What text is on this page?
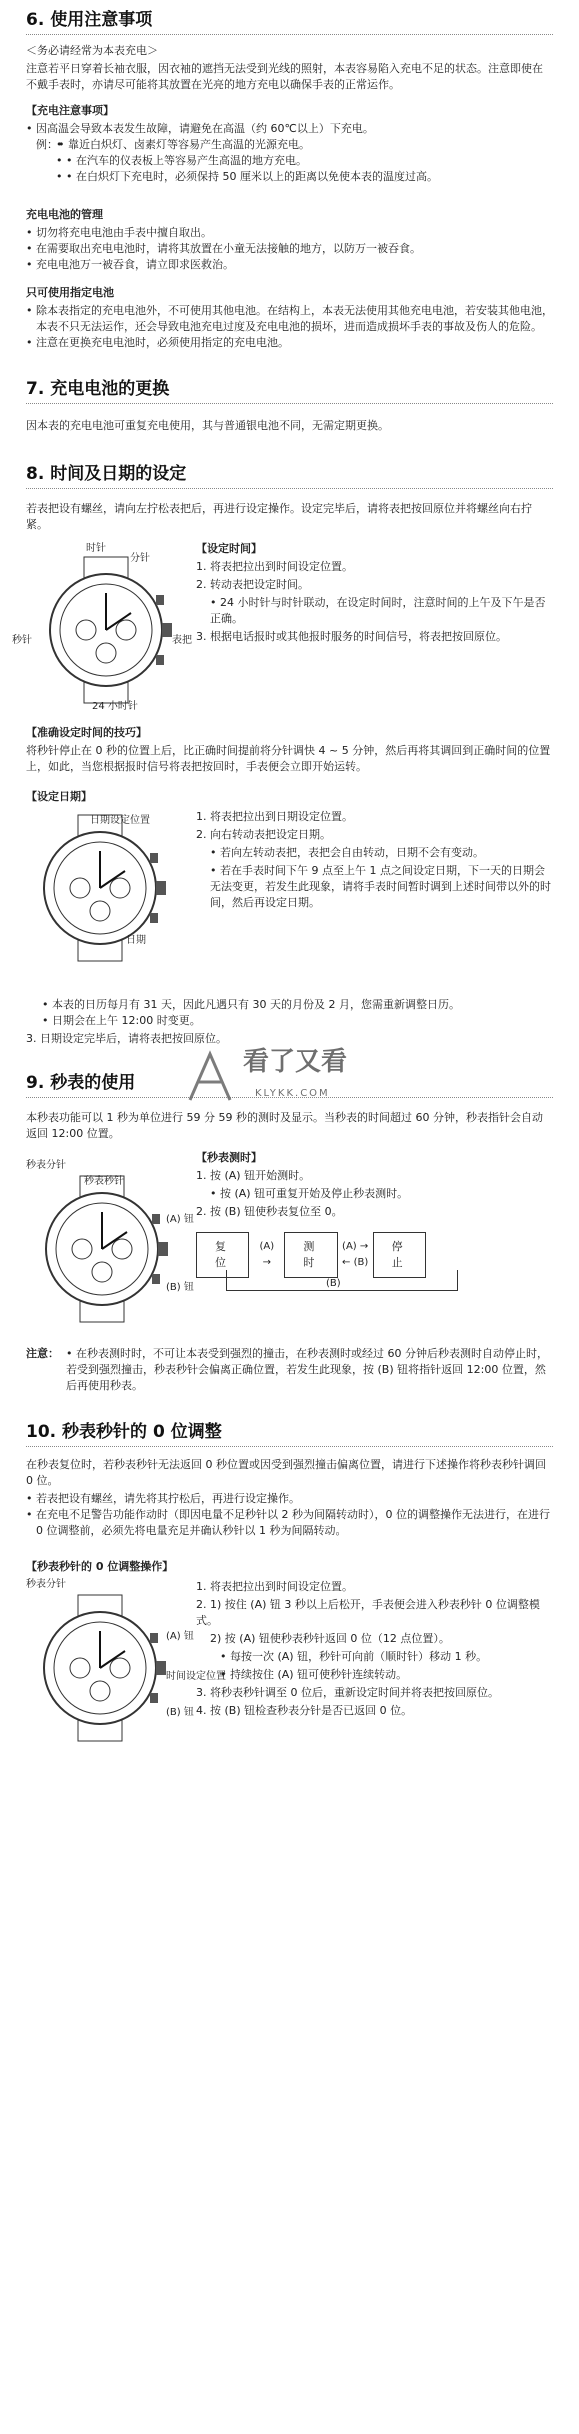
6. 使用注意事项

＜务必请经常为本表充电＞

注意若平日穿着长袖衣服，因衣袖的遮挡无法受到光线的照射，本表容易陷入充电不足的状态。注意即使在不戴手表时，亦请尽可能将其放置在光亮的地方充电以确保手表的正常运作。

【充电注意事项】

• 因高温会导致本表发生故障，请避免在高温（约 60℃以上）下充电。
• 例：• 靠近白炽灯、卤素灯等容易产生高温的光源充电。
• • 在汽车的仪表板上等容易产生高温的地方充电。
• • 在白炽灯下充电时，必须保持 50 厘米以上的距离以免使本表的温度过高。

充电电池的管理

• 切勿将充电电池由手表中擅自取出。
• 在需要取出充电电池时，请将其放置在小童无法接触的地方，以防万一被吞食。
• 充电电池万一被吞食，请立即求医救治。

只可使用指定电池

• 除本表指定的充电电池外，不可使用其他电池。在结构上，本表无法使用其他充电电池，若安装其他电池，本表不只无法运作，还会导致电池充电过度及充电电池的损坏，进而造成损坏手表的事故及伤人的危险。
• 注意在更换充电电池时，必须使用指定的充电电池。
7. 充电电池的更换

因本表的充电电池可重复充电使用，其与普通银电池不同，无需定期更换。

8. 时间及日期的设定

若表把设有螺丝，请向左拧松表把后，再进行设定操作。设定完毕后，请将表把按回原位并将螺丝向右拧紧。

时针
分针
秒针	表把
24 小时针
【设定时间】

1. 将表把拉出到时间设定位置。

2. 转动表把设定时间。

• 24 小时针与时针联动，在设定时间时，注意时间的上午及下午是否正确。

3. 根据电话报时或其他报时服务的时间信号，将表把按回原位。

【准确设定时间的技巧】

将秒针停止在 0 秒的位置上后，比正确时间提前将分针调快 4 ~ 5 分钟，然后再将其调回到正确时间的位置上，如此，当您根据报时信号将表把按回时，手表便会立即开始运转。

【设定日期】

日期设定位置
日期

1. 将表把拉出到日期设定位置。

2. 向右转动表把设定日期。

• 若向左转动表把，表把会自由转动，日期不会有变动。

• 若在手表时间下午 9 点至上午 1 点之间设定日期，下一天的日期会无法变更，若发生此现象，请将手表时间暂时调到上述时间带以外的时间，然后再设定日期。

• 本表的日历每月有 31 天，因此凡遇只有 30 天的月份及 2 月，您需重新调整日历。
• 日期会在上午 12:00 时变更。

3. 日期设定完毕后，请将表把按回原位。

9. 秒表的使用

本秒表功能可以 1 秒为单位进行 59 分 59 秒的测时及显示。当秒表的时间超过 60 分钟，秒表指针会自动返回 12:00 位置。

秒表分针
秒表秒针
(A) 钮
(B) 钮
【秒表测时】

1. 按 (A) 钮开始测时。

• 按 (A) 钮可重复开始及停止秒表测时。

2. 按 (B) 钮使秒表复位至 0。

复位
(A)
→
测时
(A) →
← (B)
停止
(B)
注意： • 在秒表测时时，不可让本表受到强烈的撞击，在秒表测时或经过 60 分钟后秒表测时自动停止时，若受到强烈撞击，秒表秒针会偏离正确位置，若发生此现象，按 (B) 钮将指针返回 12:00 位置，然后再使用秒表。
10. 秒表秒针的 0 位调整

在秒表复位时，若秒表秒针无法返回 0 秒位置或因受到强烈撞击偏离位置，请进行下述操作将秒表秒针调回 0 位。

• 若表把设有螺丝，请先将其拧松后，再进行设定操作。
• 在充电不足警告功能作动时（即因电量不足秒针以 2 秒为间隔转动时），0 位的调整操作无法进行，在进行 0 位调整前，必须先将电量充足并确认秒针以 1 秒为间隔转动。

【秒表秒针的 0 位调整操作】

秒表分针
(A) 钮
时间设定位置
(B) 钮

1. 将表把拉出到时间设定位置。

2. 1) 按住 (A) 钮 3 秒以上后松开，手表便会进入秒表秒针 0 位调整模式。

2) 按 (A) 钮使秒表秒针返回 0 位（12 点位置）。

• 每按一次 (A) 钮，秒针可向前（顺时针）移动 1 秒。

• 持续按住 (A) 钮可使秒针连续转动。

3. 将秒表秒针调至 0 位后，重新设定时间并将表把按回原位。

4. 按 (B) 钮检查秒表分针是否已返回 0 位。

看了又看
KLYKK.COM
